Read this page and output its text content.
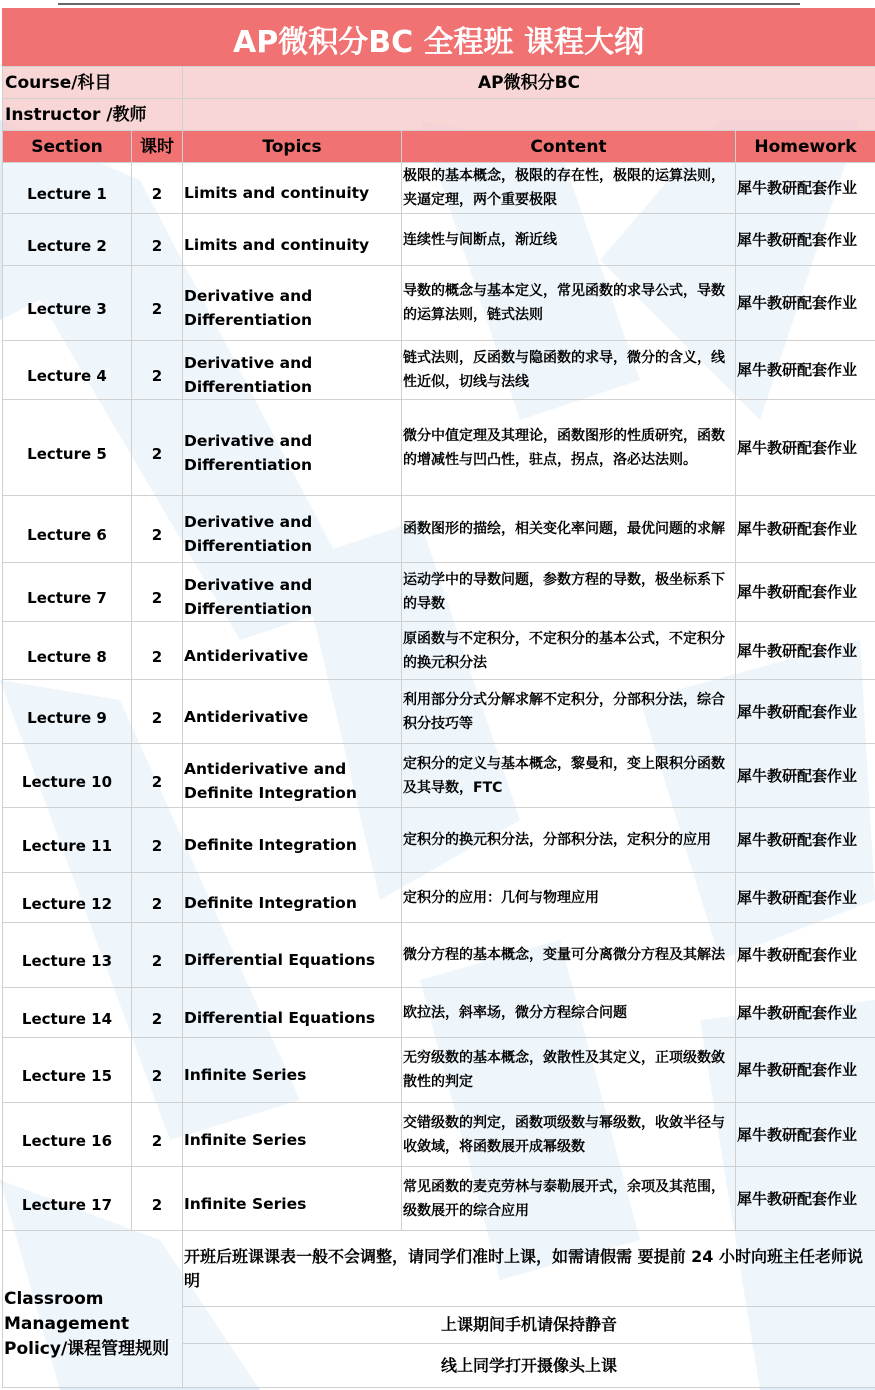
AP微积分BC 全程班 课程大纲
Course/科目		AP微积分BC		
Instructor /教师				
Section	课时	Topics	Content	Homework
Lecture 1	2	Limits and continuity	极限的基本概念，极限的存在性，极限的运算法则，夹逼定理，两个重要极限	犀牛教研配套作业
Lecture 2	2	Limits and continuity	连续性与间断点，渐近线	犀牛教研配套作业
Lecture 3	2	Derivative and Differentiation	导数的概念与基本定义，常见函数的求导公式，导数的运算法则，链式法则	犀牛教研配套作业
Lecture 4	2	Derivative and Differentiation	链式法则，反函数与隐函数的求导，微分的含义，线性近似，切线与法线	犀牛教研配套作业
Lecture 5	2	Derivative and Differentiation	微分中值定理及其理论，函数图形的性质研究，函数的增减性与凹凸性，驻点，拐点，洛必达法则。	犀牛教研配套作业
Lecture 6	2	Derivative and Differentiation	函数图形的描绘，相关变化率问题，最优问题的求解	犀牛教研配套作业
Lecture 7	2	Derivative and Differentiation	运动学中的导数问题，参数方程的导数，极坐标系下的导数	犀牛教研配套作业
Lecture 8	2	Antiderivative	原函数与不定积分，不定积分的基本公式，不定积分的换元积分法	犀牛教研配套作业
Lecture 9	2	Antiderivative	利用部分分式分解求解不定积分，分部积分法，综合积分技巧等	犀牛教研配套作业
Lecture 10	2	Antiderivative and Definite Integration	定积分的定义与基本概念，黎曼和，变上限积分函数及其导数，FTC	犀牛教研配套作业
Lecture 11	2	Definite Integration	定积分的换元积分法，分部积分法，定积分的应用	犀牛教研配套作业
Lecture 12	2	Definite Integration	定积分的应用：几何与物理应用	犀牛教研配套作业
Lecture 13	2	Differential Equations	微分方程的基本概念，变量可分离微分方程及其解法	犀牛教研配套作业
Lecture 14	2	Differential Equations	欧拉法，斜率场，微分方程综合问题	犀牛教研配套作业
Lecture 15	2	Infinite Series	无穷级数的基本概念，敛散性及其定义，正项级数敛散性的判定	犀牛教研配套作业
Lecture 16	2	Infinite Series	交错级数的判定，函数项级数与幂级数，收敛半径与收敛域，将函数展开成幂级数	犀牛教研配套作业
Lecture 17	2	Infinite Series	常见函数的麦克劳林与泰勒展开式，余项及其范围，级数展开的综合应用	犀牛教研配套作业
Classroom Management Policy/课程管理规则		开班后班课课表一般不会调整，请同学们准时上课，如需请假需 要提前 24 小时向班主任老师说明		
		上课期间手机请保持静音		
		线上同学打开摄像头上课		
